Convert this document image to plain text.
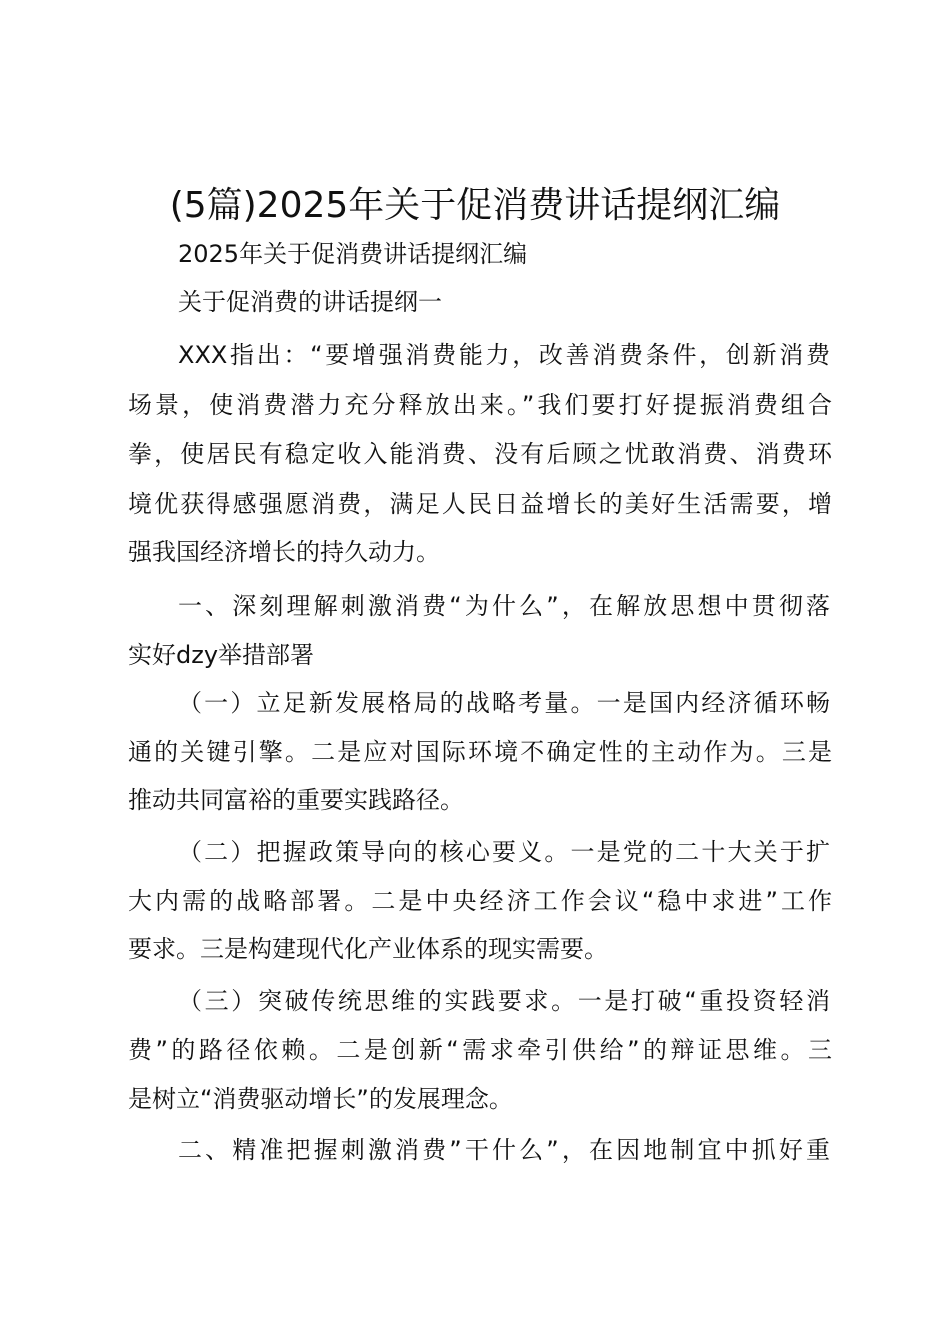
(5篇)2025年关于促消费讲话提纲汇编
2025年关于促消费讲话提纲汇编
关于促消费的讲话提纲一
XXX指出：“要增强消费能力，改善消费条件，创新消费
场景，使消费潜力充分释放出来。”我们要打好提振消费组合
拳，使居民有稳定收入能消费、没有后顾之忧敢消费、消费环
境优获得感强愿消费，满足人民日益增长的美好生活需要，增
强我国经济增长的持久动力。
一、深刻理解刺激消费“为什么”，在解放思想中贯彻落
实好dzy举措部署
（一）立足新发展格局的战略考量。一是国内经济循环畅
通的关键引擎。二是应对国际环境不确定性的主动作为。三是
推动共同富裕的重要实践路径。
（二）把握政策导向的核心要义。一是党的二十大关于扩
大内需的战略部署。二是中央经济工作会议“稳中求进”工作
要求。三是构建现代化产业体系的现实需要。
（三）突破传统思维的实践要求。一是打破“重投资轻消
费”的路径依赖。二是创新“需求牵引供给”的辩证思维。三
是树立“消费驱动增长”的发展理念。
二、精准把握刺激消费”干什么”，在因地制宜中抓好重
